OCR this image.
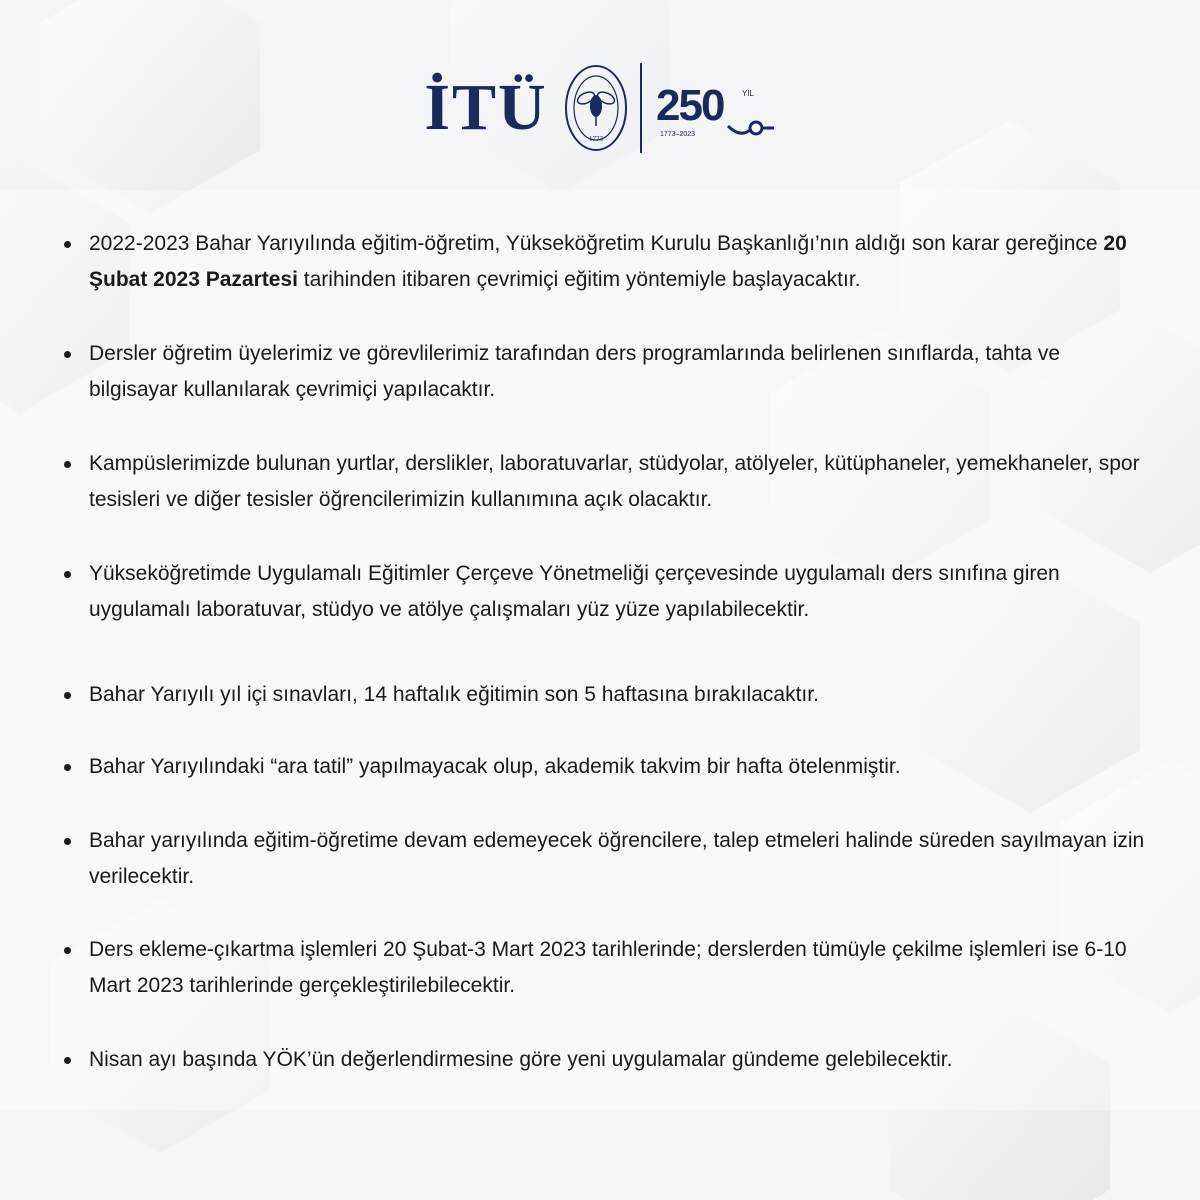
İTÜ	1773
250 YIL
1773–2023
2022-2023 Bahar Yarıyılında eğitim-öğretim, Yükseköğretim Kurulu Başkanlığı’nın aldığı son karar gereğince 20 Şubat 2023 Pazartesi tarihinden itibaren çevrimiçi eğitim yöntemiyle başlayacaktır.
Dersler öğretim üyelerimiz ve görevlilerimiz tarafından ders programlarında belirlenen sınıflarda, tahta ve bilgisayar kullanılarak çevrimiçi yapılacaktır.
Kampüslerimizde bulunan yurtlar, derslikler, laboratuvarlar, stüdyolar, atölyeler, kütüphaneler, yemekhaneler, spor tesisleri ve diğer tesisler öğrencilerimizin kullanımına açık olacaktır.
Yükseköğretimde Uygulamalı Eğitimler Çerçeve Yönetmeliği çerçevesinde uygulamalı ders sınıfına giren uygulamalı laboratuvar, stüdyo ve atölye çalışmaları yüz yüze yapılabilecektir.
Bahar Yarıyılı yıl içi sınavları, 14 haftalık eğitimin son 5 haftasına bırakılacaktır.
Bahar Yarıyılındaki “ara tatil” yapılmayacak olup, akademik takvim bir hafta ötelenmiştir.
Bahar yarıyılında eğitim-öğretime devam edemeyecek öğrencilere, talep etmeleri halinde süreden sayılmayan izin verilecektir.
Ders ekleme-çıkartma işlemleri 20 Şubat-3 Mart 2023 tarihlerinde; derslerden tümüyle çekilme işlemleri ise 6-10 Mart 2023 tarihlerinde gerçekleştirilebilecektir.
Nisan ayı başında YÖK’ün değerlendirmesine göre yeni uygulamalar gündeme gelebilecektir.
